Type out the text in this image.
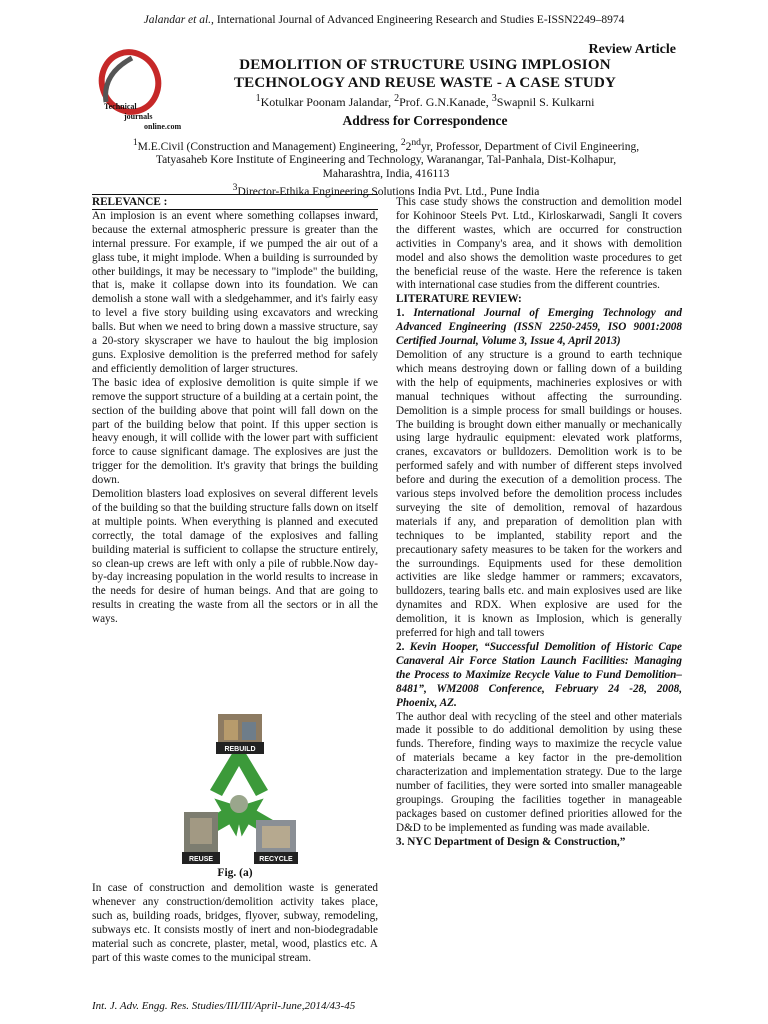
Jalandar et al., International Journal of Advanced Engineering Research and Studies E-ISSN2249–8974
Review Article
Technical
journals
online.com
DEMOLITION OF STRUCTURE USING IMPLOSION
TECHNOLOGY AND REUSE WASTE - A CASE STUDY
$^1$Kotulkar Poonam Jalandar, $^2$Prof. G.N.Kanade, $^3$Swapnil S. Kulkarni
Address for Correspondence
$^1$M.E.Civil (Construction and Management) Engineering, $^2$2ndyr, Professor, Department of Civil Engineering,
Tatyasaheb Kore Institute of Engineering and Technology, Waranangar, Tal-Panhala, Dist-Kolhapur,
Maharashtra, India, 416113
$^3$Director-Ethika Engineering Solutions India Pvt. Ltd., Pune India

RELEVANCE :

An implosion is an event where something collapses inward, because the external atmospheric pressure is greater than the internal pressure. For example, if we pumped the air out of a glass tube, it might implode. When a building is surrounded by other buildings, it may be necessary to "implode" the building, that is, make it collapse down into its foundation. We can demolish a stone wall with a sledgehammer, and it's fairly easy to level a five story building using excavators and wrecking balls. But when we need to bring down a massive structure, say a 20-story skyscraper we have to haulout the big implosion guns. Explosive demolition is the preferred method for safely and efficiently demolition of larger structures.

The basic idea of explosive demolition is quite simple if we remove the support structure of a building at a certain point, the section of the building above that point will fall down on the part of the building below that point. If this upper section is heavy enough, it will collide with the lower part with sufficient force to cause significant damage. The explosives are just the trigger for the demolition. It's gravity that brings the building down.

Demolition blasters load explosives on several different levels of the building so that the building structure falls down on itself at multiple points. When everything is planned and executed correctly, the total damage of the explosives and falling building material is sufficient to collapse the structure entirely, so clean-up crews are left with only a pile of rubble.Now day-by-day increasing population in the world results to increase in the needs for desire of human beings. And that are going to results in creating the waste from all the sectors or in all the ways.

REBUILD
REUSE	RECYCLE
Fig. (a)

In case of construction and demolition waste is generated whenever any construction/demolition activity takes place, such as, building roads, bridges, flyover, subway, remodeling, subways etc. It consists mostly of inert and non-biodegradable material such as concrete, plaster, metal, wood, plastics etc. A part of this waste comes to the municipal stream.

This case study shows the construction and demolition model for Kohinoor Steels Pvt. Ltd., Kirloskarwadi, Sangli It covers the different wastes, which are occurred for construction activities in Company's area, and it shows with demolition model and also shows the demolition waste procedures to get the beneficial reuse of the waste. Here the reference is taken with international case studies from the different countries.

LITERATURE REVIEW:

1. International Journal of Emerging Technology and Advanced Engineering (ISSN 2250-2459, ISO 9001:2008 Certified Journal, Volume 3, Issue 4, April 2013)

Demolition of any structure is a ground to earth technique which means destroying down or falling down of a building with the help of equipments, machineries explosives or with manual techniques without affecting the surrounding. Demolition is a simple process for small buildings or houses. The building is brought down either manually or mechanically using large hydraulic equipment: elevated work platforms, cranes, excavators or bulldozers. Demolition work is to be performed safely and with number of different steps involved before and during the execution of a demolition process. The various steps involved before the demolition process includes surveying the site of demolition, removal of hazardous materials if any, and preparation of demolition plan with techniques to be implanted, stability report and the precautionary safety measures to be taken for the workers and the surroundings. Equipments used for these demolition activities are like sledge hammer or rammers; excavators, bulldozers, tearing balls etc. and main explosives used are like dynamites and RDX. When explosive are used for the demolition, it is known as Implosion, which is generally preferred for high and tall towers

2. Kevin Hooper, “Successful Demolition of Historic Cape Canaveral Air Force Station Launch Facilities: Managing the Process to Maximize Recycle Value to Fund Demolition–8481”, WM2008 Conference, February 24 -28, 2008, Phoenix, AZ.

The author deal with recycling of the steel and other materials made it possible to do additional demolition by using these funds. Therefore, finding ways to maximize the recycle value of materials became a key factor in the pre-demolition characterization and implementation strategy. Due to the large number of facilities, they were sorted into smaller manageable groupings. Grouping the facilities together in manageable packages based on customer defined priorities allowed for the D&D to be implemented as funding was made available.

3. NYC Department of Design & Construction,”

Int. J. Adv. Engg. Res. Studies/III/III/April-June,2014/43-45
